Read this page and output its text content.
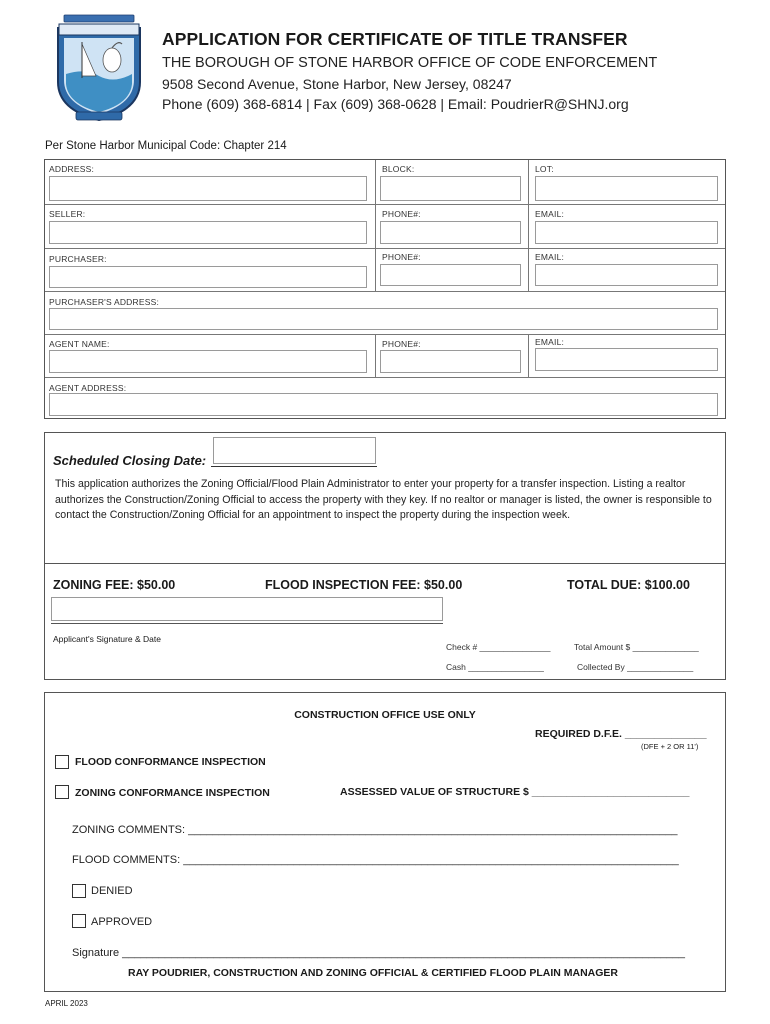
APPLICATION FOR CERTIFICATE OF TITLE TRANSFER
THE BOROUGH OF STONE HARBOR OFFICE OF CODE ENFORCEMENT
9508 Second Avenue, Stone Harbor, New Jersey, 08247
Phone (609) 368-6814 | Fax (609) 368-0628 | Email: PoudrierR@SHNJ.org
Per Stone Harbor Municipal Code: Chapter 214
ADDRESS:	BLOCK:	LOT:
SELLER:	PHONE#:	EMAIL:
PURCHASER:	PHONE#:	EMAIL:
PURCHASER'S ADDRESS:
AGENT NAME:	PHONE#:	EMAIL:
AGENT ADDRESS:
Scheduled Closing Date:
This application authorizes the Zoning Official/Flood Plain Administrator to enter your property for a transfer inspection. Listing a realtor authorizes the Construction/Zoning Official to access the property with they key. If no realtor or manager is listed, the owner is responsible to contact the Construction/Zoning Official for an appointment to inspect the property during the inspection week.
ZONING FEE: $50.00	FLOOD INSPECTION FEE: $50.00	TOTAL DUE: $100.00
Applicant's Signature & Date
Check # _______________	Total Amount $ ______________
Cash ________________	Collected By ______________
CONSTRUCTION OFFICE USE ONLY
REQUIRED D.F.E. ______________
(DFE + 2 OR 11')
FLOOD CONFORMANCE INSPECTION
ZONING CONFORMANCE INSPECTION	ASSESSED VALUE OF STRUCTURE $ ___________________________
ZONING COMMENTS: ________________________________________________________________________________
FLOOD COMMENTS: _________________________________________________________________________________
DENIED
APPROVED
Signature ____________________________________________________________________________________________
RAY POUDRIER, CONSTRUCTION AND ZONING OFFICIAL & CERTIFIED FLOOD PLAIN MANAGER
APRIL 2023
